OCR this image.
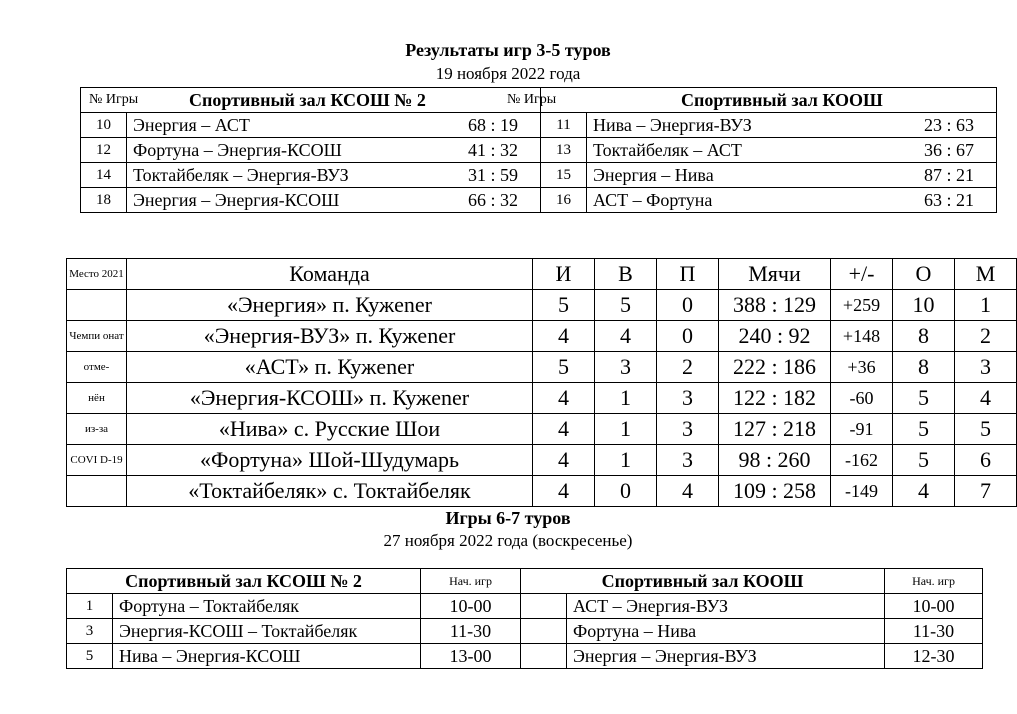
Результаты игр 3-5 туров
19 ноября 2022 года
№ Игры Спортивный зал КСОШ № 2		№ Игры Спортивный зал КООШ	

10	Энергия – АСТ 68 : 19	11	Нива – Энергия-ВУЗ 23 : 63

12	Фортуна – Энергия-КСОШ 41 : 32	13	Токтайбеляк – АСТ 36 : 67

14	Токтайбеляк – Энергия-ВУЗ 31 : 59	15	Энергия – Нива 87 : 21

18	Энергия – Энергия-КСОШ 66 : 32	16	АСТ – Фортуна 63 : 21
Место 2021	Команда	И	В	П	Мячи	+/-	О	М
	«Энергия» п. Кужener	5	5	0	388 : 129	+259	10	1
Чемпи онат	«Энергия-ВУЗ» п. Кужener	4	4	0	240 : 92	+148	8	2
отме-	«АСТ» п. Кужener	5	3	2	222 : 186	+36	8	3
нён	«Энергия-КСОШ» п. Кужener	4	1	3	122 : 182	-60	5	4
из-за	«Нива» с. Русские Шои	4	1	3	127 : 218	-91	5	5
COVI D-19	«Фортуна» Шой-Шудумарь	4	1	3	98 : 260	-162	5	6
	«Токтайбеляк» с. Токтайбеляк	4	0	4	109 : 258	-149	4	7
Игры 6-7 туров
27 ноября 2022 года (воскресенье)
Спортивный зал КСОШ № 2		Нач. игр	Спортивный зал КООШ		Нач. игр
1	Фортуна – Токтайбеляк	10-00		АСТ – Энергия-ВУЗ	10-00
3	Энергия-КСОШ – Токтайбеляк	11-30		Фортуна – Нива	11-30
5	Нива – Энергия-КСОШ	13-00		Энергия – Энергия-ВУЗ	12-30
